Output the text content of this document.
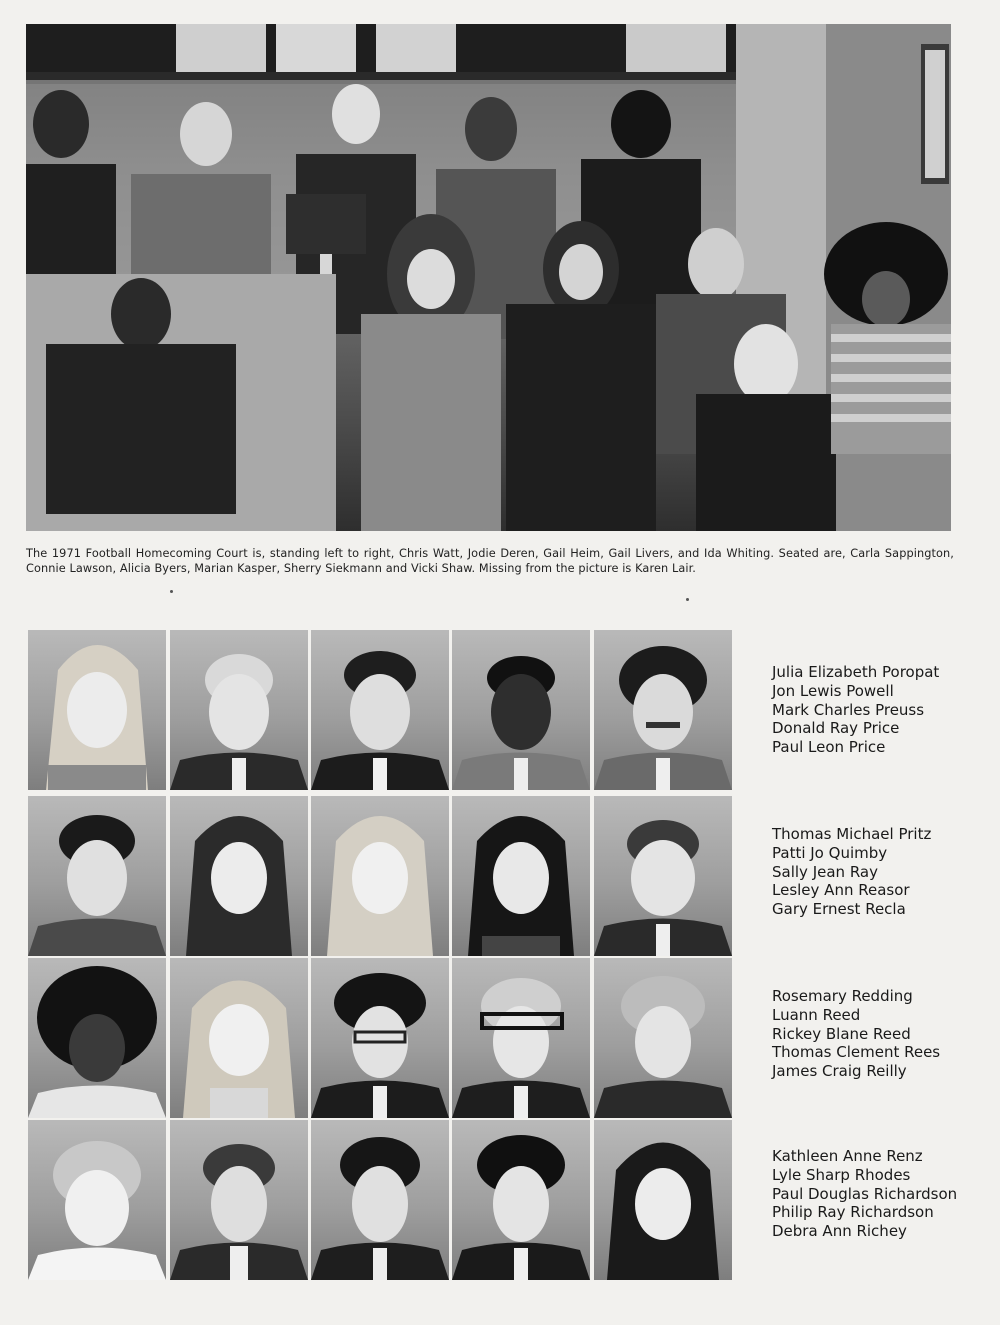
The 1971 Football Homecoming Court is, standing left to right, Chris Watt, Jodie Deren, Gail Heim, Gail Livers, and Ida Whiting. Seated are, Carla Sappington, Connie Lawson, Alicia Byers, Marian Kasper, Sherry Siekmann and Vicki Shaw. Missing from the picture is Karen Lair.
Julia Elizabeth Poropat
Jon Lewis Powell
Mark Charles Preuss
Donald Ray Price
Paul Leon Price
Thomas Michael Pritz
Patti Jo Quimby
Sally Jean Ray
Lesley Ann Reasor
Gary Ernest Recla
Rosemary Redding
Luann Reed
Rickey Blane Reed
Thomas Clement Rees
James Craig Reilly
Kathleen Anne Renz
Lyle Sharp Rhodes
Paul Douglas Richardson
Philip Ray Richardson
Debra Ann Richey
